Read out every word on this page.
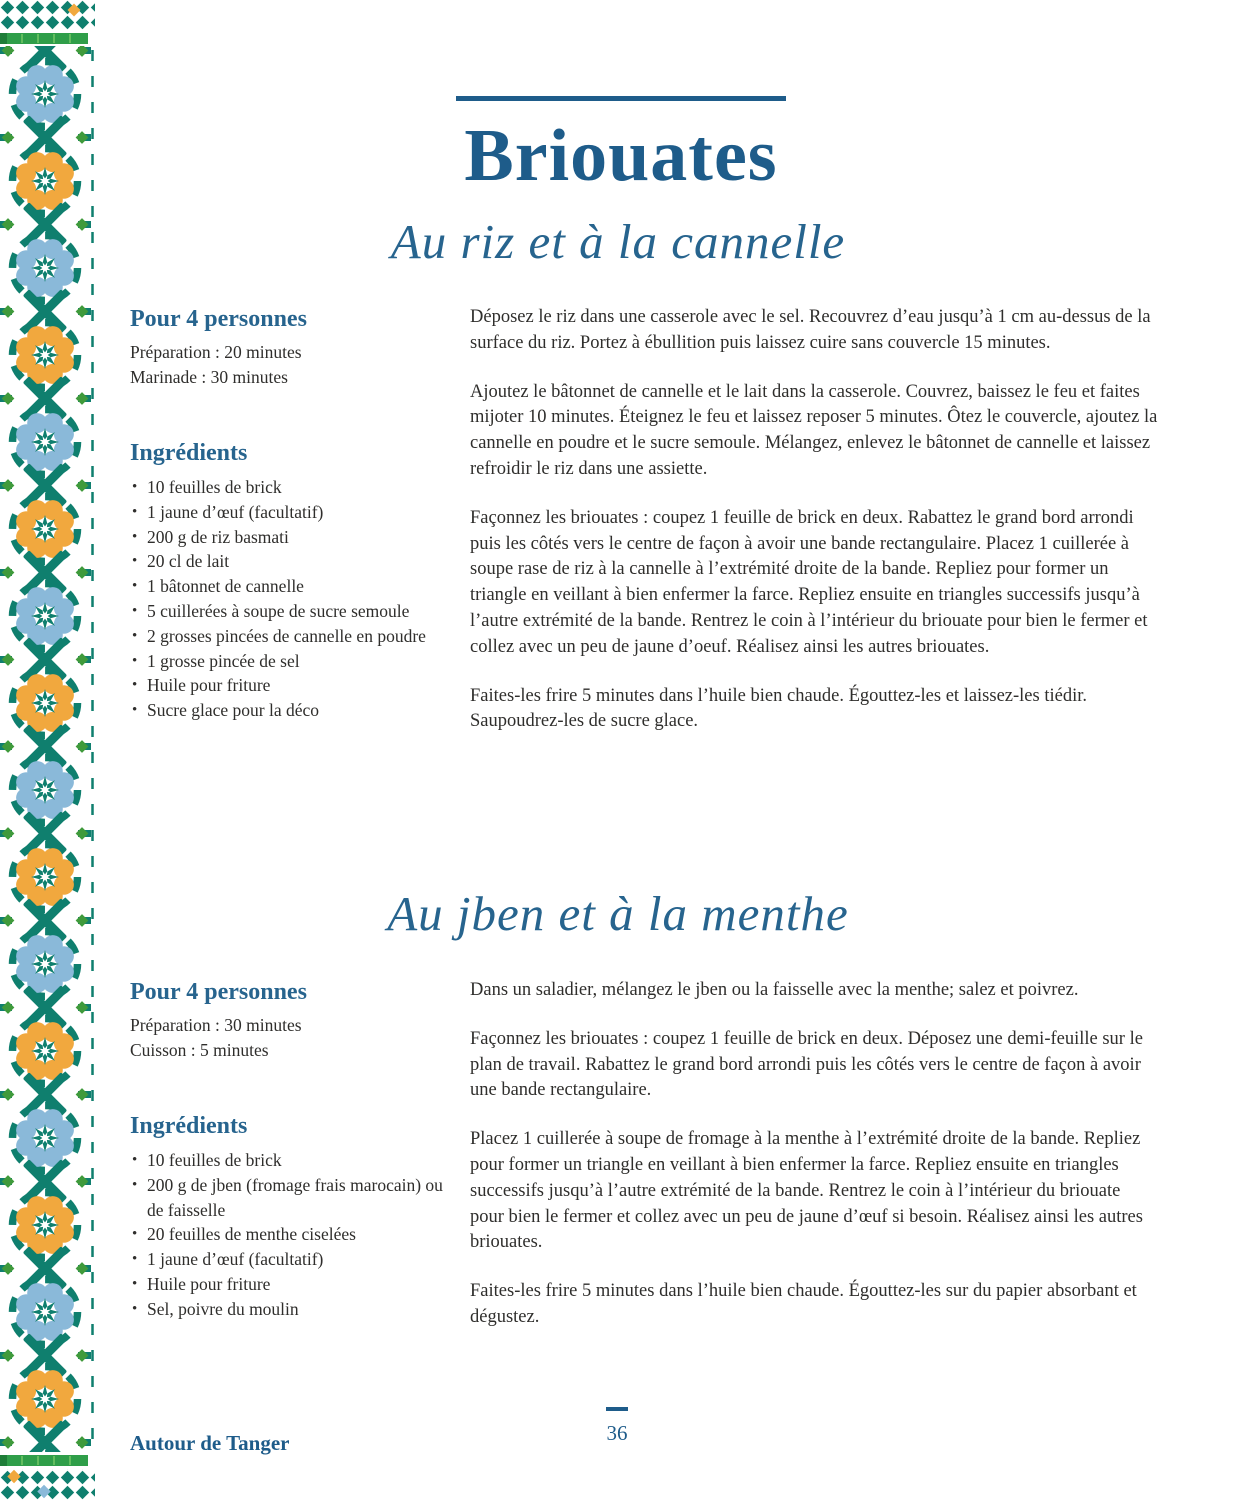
Briouates
Au riz et à la cannelle
Pour 4 personnes

Préparation : 20 minutes

Marinade : 30 minutes

Ingrédients
• 10 feuilles de brick
• 1 jaune d’œuf (facultatif)
• 200 g de riz basmati
• 20 cl de lait
• 1 bâtonnet de cannelle
• 5 cuillerées à soupe de sucre semoule
• 2 grosses pincées de cannelle en poudre
• 1 grosse pincée de sel
• Huile pour friture
• Sucre glace pour la déco

Déposez le riz dans une casserole avec le sel. Recouvrez d’eau jusqu’à 1 cm au-dessus de la surface du riz. Portez à ébullition puis laissez cuire sans couvercle 15 minutes.

Ajoutez le bâtonnet de cannelle et le lait dans la casserole. Couvrez, baissez le feu et faites mijoter 10 minutes. Éteignez le feu et laissez reposer 5 minutes. Ôtez le couvercle, ajoutez la cannelle en poudre et le sucre semoule. Mélangez, enlevez le bâtonnet de cannelle et laissez refroidir le riz dans une assiette.

Façonnez les briouates : coupez 1 feuille de brick en deux. Rabattez le grand bord arrondi puis les côtés vers le centre de façon à avoir une bande rectangulaire. Placez 1 cuillerée à soupe rase de riz à la cannelle à l’extrémité droite de la bande. Repliez pour former un triangle en veillant à bien enfermer la farce. Repliez ensuite en triangles successifs jusqu’à l’autre extrémité de la bande. Rentrez le coin à l’intérieur du briouate pour bien le fermer et collez avec un peu de jaune d’oeuf. Réalisez ainsi les autres briouates.

Faites-les frire 5 minutes dans l’huile bien chaude. Égouttez-les et laissez-les tiédir. Saupoudrez-les de sucre glace.

Au jben et à la menthe
Pour 4 personnes

Préparation : 30 minutes

Cuisson : 5 minutes

Ingrédients
• 10 feuilles de brick
• 200 g de jben (fromage frais marocain) ou de faisselle
• 20 feuilles de menthe ciselées
• 1 jaune d’œuf (facultatif)
• Huile pour friture
• Sel, poivre du moulin

Dans un saladier, mélangez le jben ou la faisselle avec la menthe; salez et poivrez.

Façonnez les briouates : coupez 1 feuille de brick en deux. Déposez une demi-feuille sur le plan de travail. Rabattez le grand bord arrondi puis les côtés vers le centre de façon à avoir une bande rectangulaire.

Placez 1 cuillerée à soupe de fromage à la menthe à l’extrémité droite de la bande. Repliez pour former un triangle en veillant à bien enfermer la farce. Repliez ensuite en triangles successifs jusqu’à l’autre extrémité de la bande. Rentrez le coin à l’intérieur du briouate pour bien le fermer et collez avec un peu de jaune d’œuf si besoin. Réalisez ainsi les autres briouates.

Faites-les frire 5 minutes dans l’huile bien chaude. Égouttez-les sur du papier absorbant et dégustez.

Autour de Tanger	36
